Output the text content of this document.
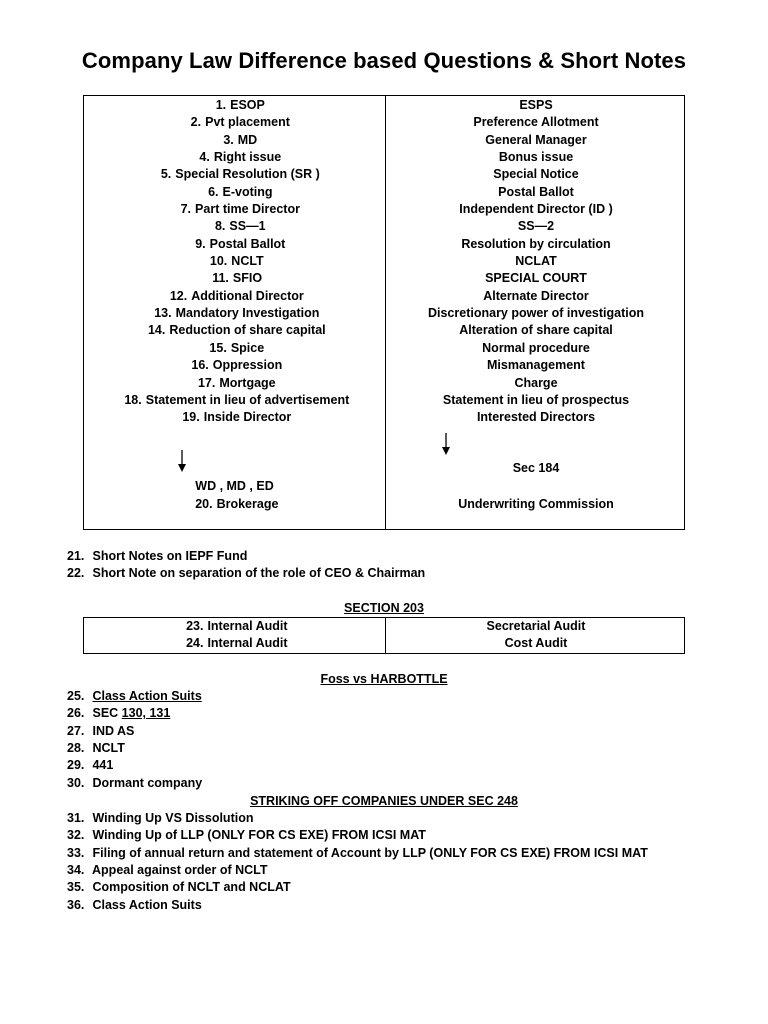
Company Law Difference based Questions & Short Notes
1. ESOP
2. Pvt placement
3. MD
4. Right issue
5. Special Resolution (SR )
6. E-voting
7. Part time Director
8. SS—1
9. Postal Ballot
10. NCLT
11. SFIO
12. Additional Director
13. Mandatory Investigation
14. Reduction of share capital
15. Spice
16. Oppression
17. Mortgage
18. Statement in lieu of advertisement
19. Inside Director
ESPS
Preference Allotment
General Manager
Bonus issue
Special Notice
Postal Ballot
Independent Director (ID )
SS—2
Resolution by circulation
NCLAT
SPECIAL COURT
Alternate Director
Discretionary power of investigation
Alteration of share capital
Normal procedure
Mismanagement
Charge
Statement in lieu of prospectus
Interested Directors
WD , MD , ED
20. Brokerage
Sec 184
Underwriting Commission
21. Short Notes on IEPF Fund
22. Short Note on separation of the role of CEO & Chairman
SECTION 203
23. Internal Audit
24. Internal Audit
Secretarial Audit
Cost Audit
Foss vs HARBOTTLE
25. Class Action Suits
26. SEC 130, 131
27. IND AS
28. NCLT
29. 441
30. Dormant company
STRIKING OFF COMPANIES UNDER SEC 248
31. Winding Up VS Dissolution
32. Winding Up of LLP (ONLY FOR CS EXE) FROM ICSI MAT
33. Filing of annual return and statement of Account by LLP (ONLY FOR CS EXE) FROM ICSI MAT
34. Appeal against order of NCLT
35. Composition of NCLT and NCLAT
36. Class Action Suits
